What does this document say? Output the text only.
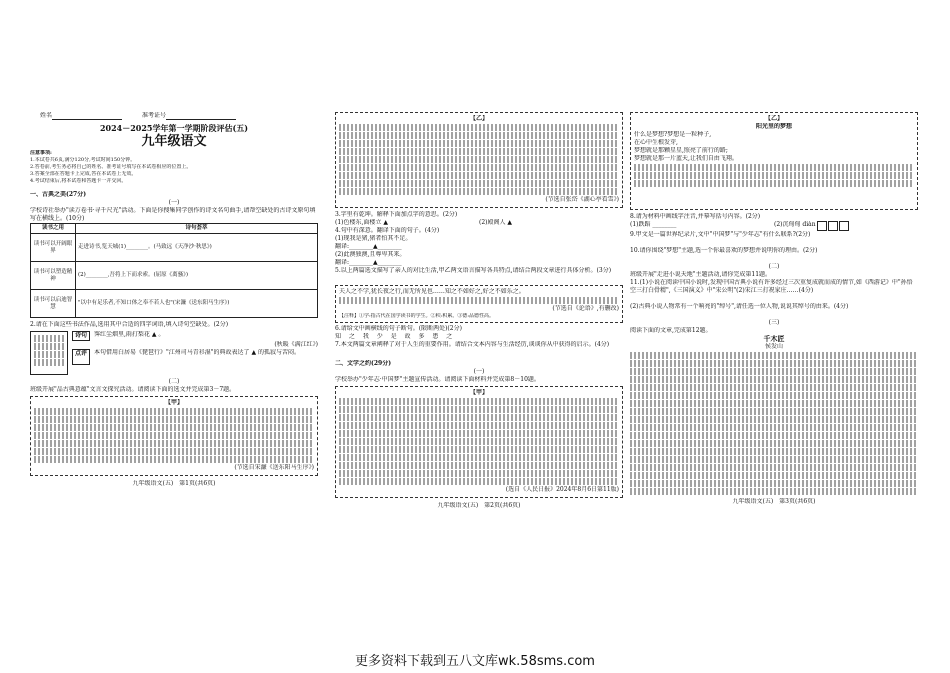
姓名	准考证号
2024－2025学年第一学期阶段评估(五)
九年级语文
注意事项:
1.本试卷共6页,满分120分,考试时间150分钟。
2.答卷前,考生务必将自己的姓名、准考证号填写在本试卷相应的位置上。
3.答案全部在答题卡上完成,答在本试卷上无效。
4.考试结束后,将本试卷和答题卡一并交回。
一、古典之美(27分)
(一)
学校诗社举办"读万卷书·寻千尺光"活动。下面是你搜集同学创作的诗文名句曲手,请帮空缺处的古诗文原句填写在横线上。(10分)
读书之用	诗句荟萃
读书可以开阔眼界	走进诗书,览天城(1)________。(马致远《天净沙·秋思》)
读书可以塑造精神	(2)________,吾将上下而求索。(屈原《离骚》)
读书可以启迪智慧	"以中有足乐者,不知口体之奉不若人也"(宋濂《送东阳马生序》)
2.请在下面这些书法作品,选用其中合适的四字词语,填入诗句空缺处。(2分)
诗句	霁红尘烟里,雨打梨花 ▲ 。
(秋暖《满江红》)
点评	本句借用白居易《琵琶行》"江州司马青衫湿"的典故表达了 ▲ 的孤寂与苦闷。
(二)
班级开展"品古典意蕴"文言文探究活动。请阅读下面的选文并完成第3－7题。
【甲】
(节选自宋濂《送东阳马生序》)
九年级语文(五)　第1页(共6页)
【乙】
(节选自张岱《湖心亭看雪》)
3.字里有乾坤。解释下面加点字的意思。(2分)
(1)色楼东,面楼立 ▲	(2)殿阁人 ▲
4.句中有深意。翻译下面的句子。(4分)
(1)现我是猪,猪者怕其不足。
翻译:________▲________
(2)此澳独澳,且尊卑其来。
翻译:________▲________
5.以上两篇选文描写了亲人的对比生活,甲乙两文语言描写各具特点,请结合两段文章进行具体分析。(3分)
夫人之不学,犹长夜之行,而无所见也……知之不如好之,好之不如乐之。
(节选自《论语》,有删改)
【注释】①学:指古代在国学读书的学生。②积:积累。③德:品德性高。
6.请给文中画横线的句子断句。(限断两处)(2分)
知 之 我 少 是 故 多 患 之
7.本文两篇文章阐释了对于人生的重要作用。请结合文本内容与生活经历,谈谈你从中获得的启示。(4分)
二、文学之约(29分)
(一)
学校举办"少年志·中国梦"主题宣传活动。请阅读下面材料并完成第8－10题。
【甲】
(选自《人民日报》2024年8月6日第11版)
九年级语文(五)　第2页(共6页)
【乙】
阳光里的梦想
什么是梦想?梦想是一粒种子,
在心中生根发芽,
梦想就是那颗星星,照亮了前行的路;
梦想就是那一片蓝天,让我们自由飞翔。
8.请为材料中画线字注音,并摹写括号内容。(2分)
(1)跌蹈 ________	(2)沉甸甸 diàn
9.甲文是一篇世界纪录片,文中"中国梦"与"少年志"有什么联系?(2分)
10.请你围绕"梦想"主题,选一个你最喜欢的梦想并说明你的理由。(2分)
(二)
班级开展"走进小说天地"主题活动,请你完成第11题。
11.(1)小说在阅读中国小说时,发现中国古典小说有许多经过三次重复成就而成的情节,如《西游记》中"孙悟空三打白骨精",《三国演义》中"宋公明"(2)宋江三打祝家庄……(4分)
(2)古典小说人物常有一个响亮的"绰号",请任选一位人物,说说其绰号的由来。(4分)
(三)
阅读下面的文章,完成第12题。
千木匠
侯发山
九年级语文(五)　第3页(共6页)
更多资料下载到五八文库wk.58sms.com
